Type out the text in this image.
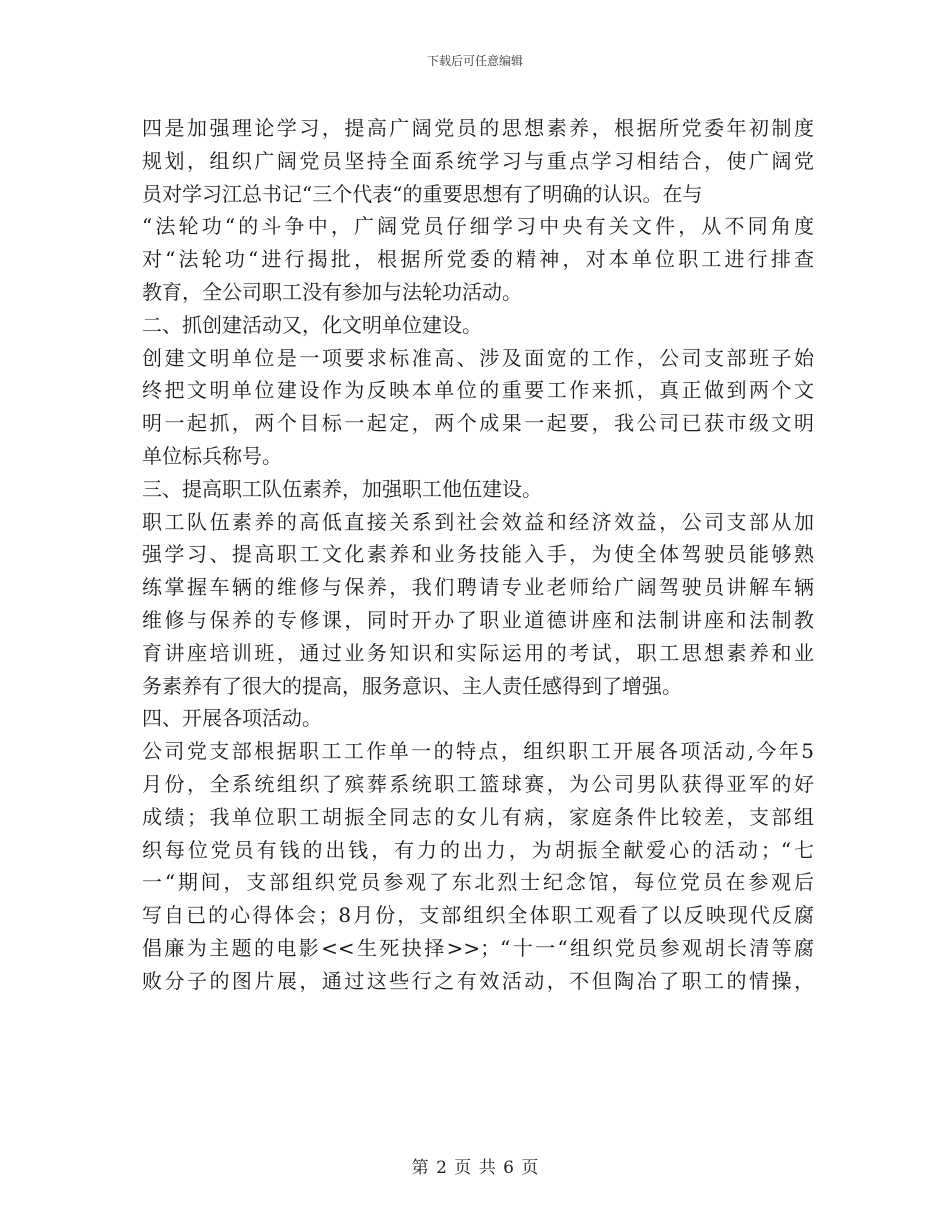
下载后可任意编辑
四是加强理论学习，提高广阔党员的思想素养，根据所党委年初制度
规划，组织广阔党员坚持全面系统学习与重点学习相结合，使广阔党
员对学习江总书记“三个代表“的重要思想有了明确的认识。在与
“法轮功“的斗争中，广阔党员仔细学习中央有关文件，从不同角度
对“法轮功“进行揭批，根据所党委的精神，对本单位职工进行排查
教育，全公司职工没有参加与法轮功活动。
二、抓创建活动又，化文明单位建设。
创建文明单位是一项要求标准高、涉及面宽的工作，公司支部班子始
终把文明单位建设作为反映本单位的重要工作来抓，真正做到两个文
明一起抓，两个目标一起定，两个成果一起要，我公司已获市级文明
单位标兵称号。
三、提高职工队伍素养，加强职工他伍建设。
职工队伍素养的高低直接关系到社会效益和经济效益，公司支部从加
强学习、提高职工文化素养和业务技能入手，为使全体驾驶员能够熟
练掌握车辆的维修与保养，我们聘请专业老师给广阔驾驶员讲解车辆
维修与保养的专修课，同时开办了职业道德讲座和法制讲座和法制教
育讲座培训班，通过业务知识和实际运用的考试，职工思想素养和业
务素养有了很大的提高，服务意识、主人责任感得到了增强。
四、开展各项活动。
公司党支部根据职工工作单一的特点，组织职工开展各项活动,今年5
月份，全系统组织了殡葬系统职工篮球赛，为公司男队获得亚军的好
成绩；我单位职工胡振全同志的女儿有病，家庭条件比较差，支部组
织每位党员有钱的出钱，有力的出力，为胡振全献爱心的活动；“七
一“期间，支部组织党员参观了东北烈士纪念馆，每位党员在参观后
写自已的心得体会；8月份，支部组织全体职工观看了以反映现代反腐
倡廉为主题的电影<<生死抉择>>；“十一“组织党员参观胡长清等腐
败分子的图片展，通过这些行之有效活动，不但陶冶了职工的情操，
第 2 页 共 6 页
